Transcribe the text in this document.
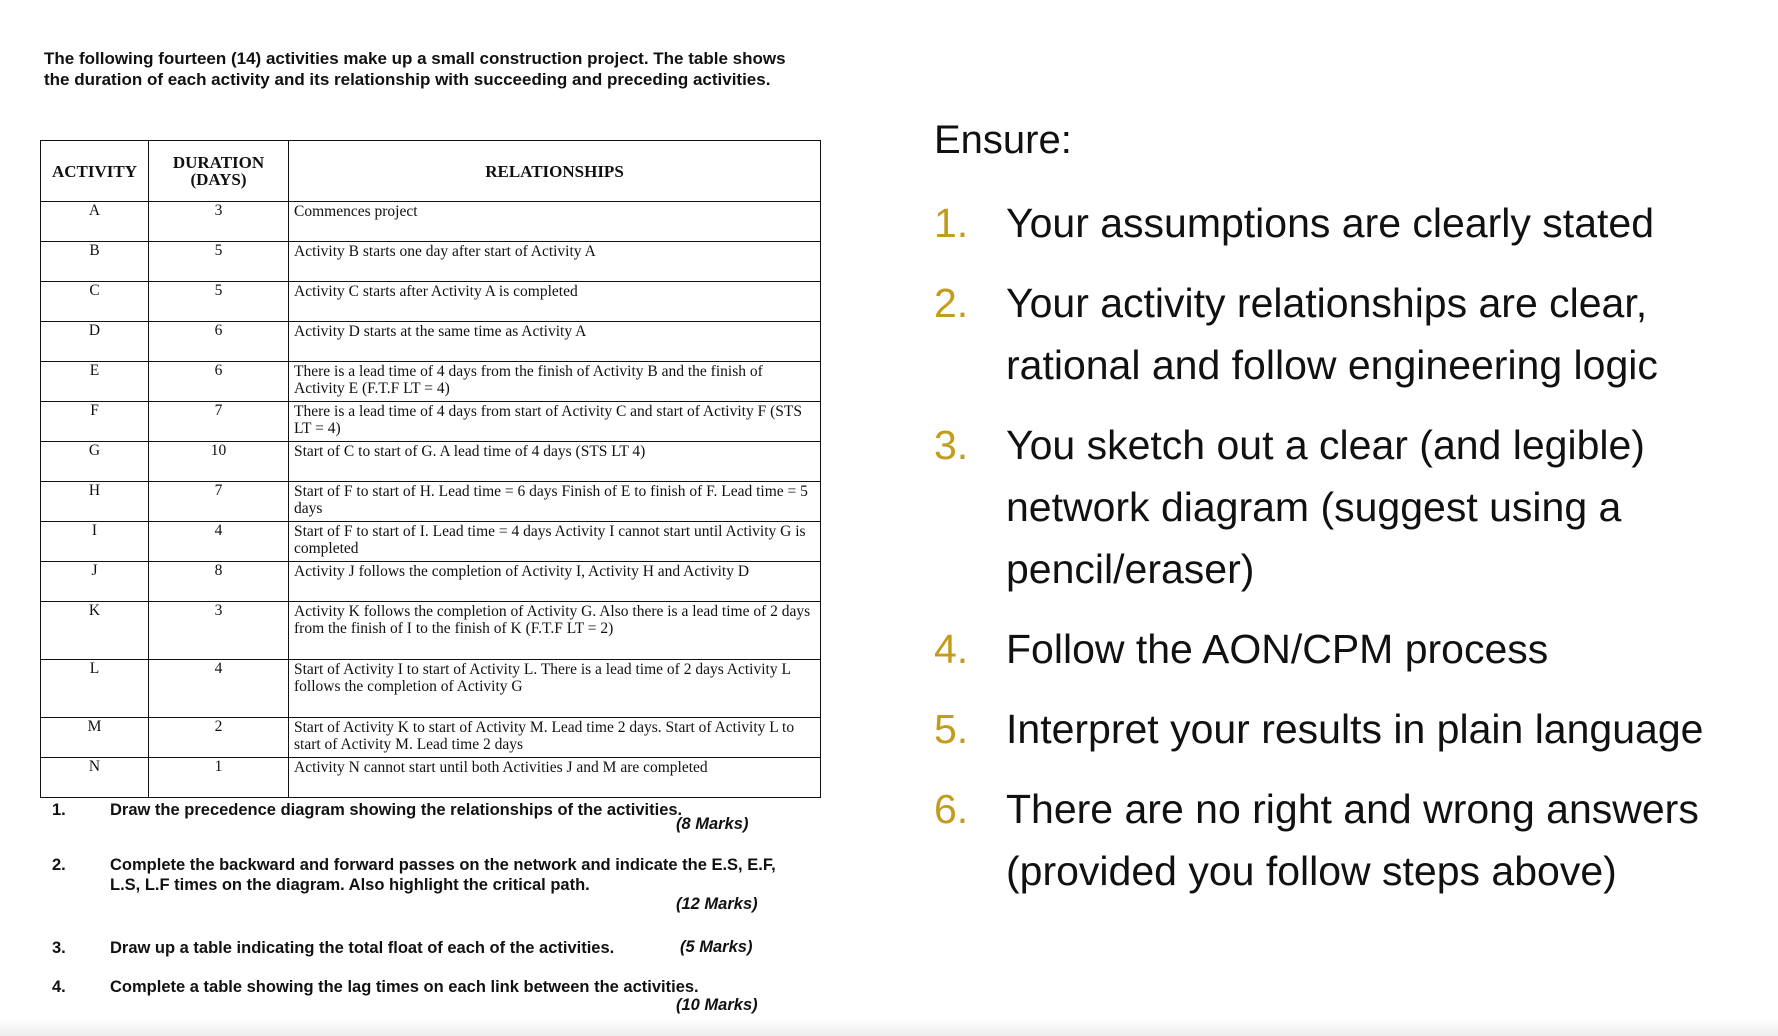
The following fourteen (14) activities make up a small construction project. The table shows the duration of each activity and its relationship with succeeding and preceding activities.
ACTIVITY	DURATION (DAYS)	RELATIONSHIPS
A	3	Commences project
B	5	Activity B starts one day after start of Activity A
C	5	Activity C starts after Activity A is completed
D	6	Activity D starts at the same time as Activity A
E	6	There is a lead time of 4 days from the finish of Activity B and the finish of Activity E (F.T.F LT = 4)
F	7	There is a lead time of 4 days from start of Activity C and start of Activity F (STS LT = 4)
G	10	Start of C to start of G. A lead time of 4 days (STS LT 4)
H	7	Start of F to start of H. Lead time = 6 days Finish of E to finish of F. Lead time = 5 days
I	4	Start of F to start of I. Lead time = 4 days Activity I cannot start until Activity G is completed
J	8	Activity J follows the completion of Activity I, Activity H and Activity D
K	3	Activity K follows the completion of Activity G. Also there is a lead time of 2 days from the finish of I to the finish of K (F.T.F LT = 2)
L	4	Start of Activity I to start of Activity L. There is a lead time of 2 days Activity L follows the completion of Activity G
M	2	Start of Activity K to start of Activity M. Lead time 2 days. Start of Activity L to start of Activity M. Lead time 2 days
N	1	Activity N cannot start until both Activities J and M are completed
1.	Draw the precedence diagram showing the relationships of the activities.
(8 Marks)
2.	Complete the backward and forward passes on the network and indicate the E.S, E.F, L.S, L.F times on the diagram. Also highlight the critical path.
(12 Marks)
3.	Draw up a table indicating the total float of each of the activities.	(5 Marks)
4.	Complete a table showing the lag times on each link between the activities.
(10 Marks)
Ensure:
1. Your assumptions are clearly stated
2. Your activity relationships are clear, rational and follow engineering logic
3. You sketch out a clear (and legible) network diagram (suggest using a pencil/eraser)
4. Follow the AON/CPM process
5. Interpret your results in plain language
6. There are no right and wrong answers (provided you follow steps above)
